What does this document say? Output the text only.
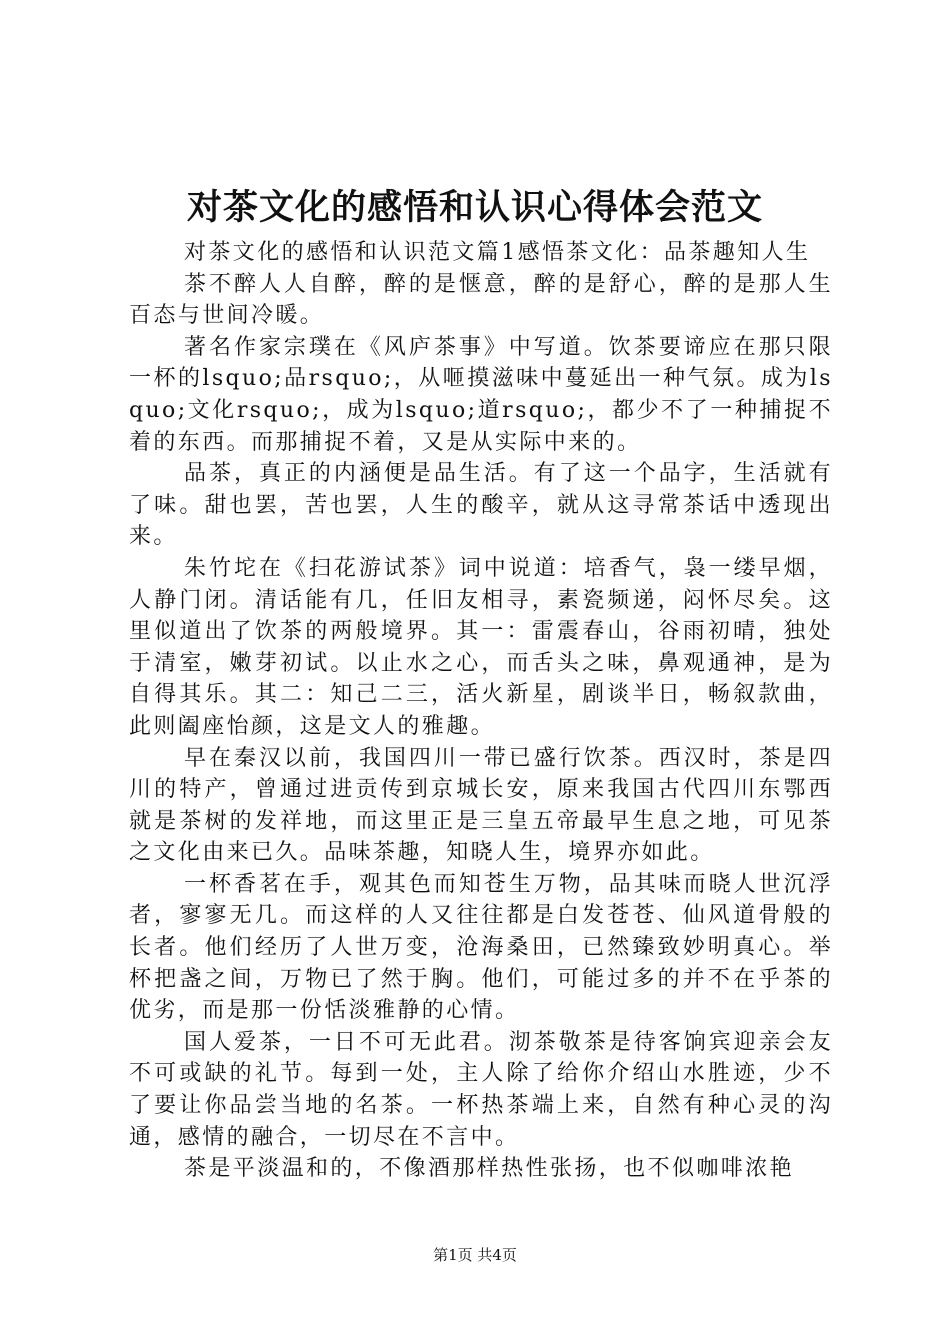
对茶文化的感悟和认识心得体会范文

对茶文化的感悟和认识范文篇1感悟茶文化：品茶趣知人生

茶不醉人人自醉，醉的是惬意，醉的是舒心，醉的是那人生百态与世间冷暖。

著名作家宗璞在《风庐茶事》中写道。饮茶要谛应在那只限一杯的lsquo;品rsquo;，从咂摸滋味中蔓延出一种气氛。成为lsquo;文化rsquo;，成为lsquo;道rsquo;，都少不了一种捕捉不着的东西。而那捕捉不着，又是从实际中来的。

品茶，真正的内涵便是品生活。有了这一个品字，生活就有了味。甜也罢，苦也罢，人生的酸辛，就从这寻常茶话中透现出来。

朱竹坨在《扫花游试茶》词中说道：培香气，袅一缕早烟，人静门闭。清话能有几，任旧友相寻，素瓷频递，闷怀尽矣。这里似道出了饮茶的两般境界。其一：雷震春山，谷雨初晴，独处于清室，嫩芽初试。以止水之心，而舌头之味，鼻观通神，是为自得其乐。其二：知己二三，活火新星，剧谈半日，畅叙款曲，此则阖座怡颜，这是文人的雅趣。

早在秦汉以前，我国四川一带已盛行饮茶。西汉时，茶是四川的特产，曾通过进贡传到京城长安，原来我国古代四川东鄂西就是茶树的发祥地，而这里正是三皇五帝最早生息之地，可见茶之文化由来已久。品味茶趣，知晓人生，境界亦如此。

一杯香茗在手，观其色而知苍生万物，品其味而晓人世沉浮者，寥寥无几。而这样的人又往往都是白发苍苍、仙风道骨般的长者。他们经历了人世万变，沧海桑田，已然臻致妙明真心。举杯把盏之间，万物已了然于胸。他们，可能过多的并不在乎茶的优劣，而是那一份恬淡雅静的心情。

国人爱茶，一日不可无此君。沏茶敬茶是待客饷宾迎亲会友不可或缺的礼节。每到一处，主人除了给你介绍山水胜迹，少不了要让你品尝当地的名茶。一杯热茶端上来，自然有种心灵的沟通，感情的融合，一切尽在不言中。

茶是平淡温和的，不像酒那样热性张扬，也不似咖啡浓艳

第1页 共4页
